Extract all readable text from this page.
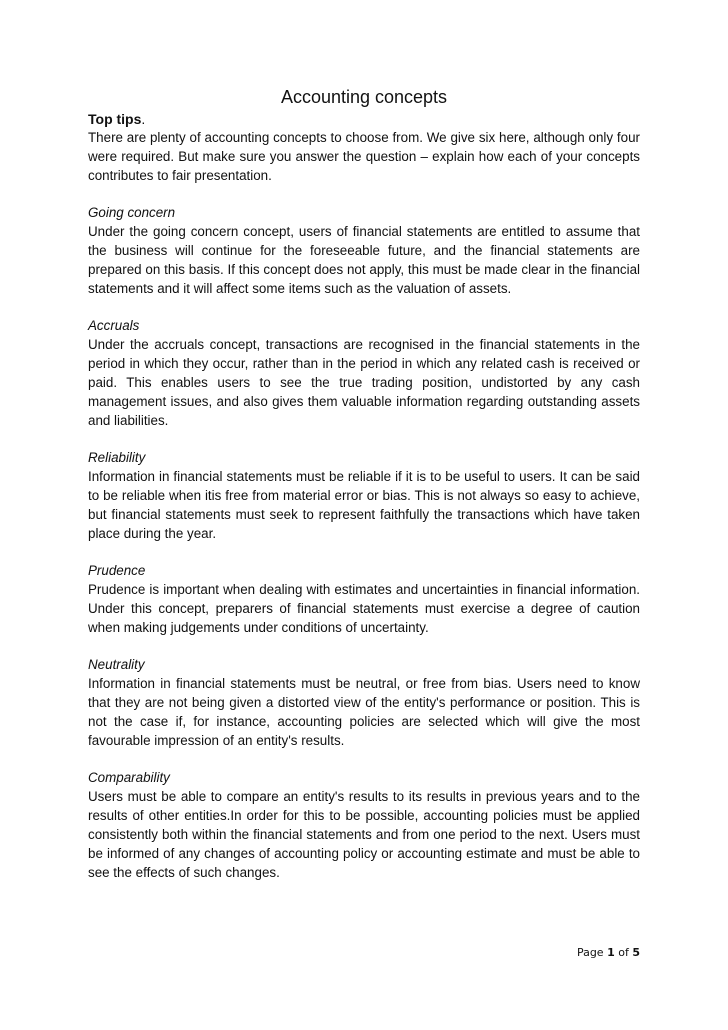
Accounting concepts

Top tips.

There are plenty of accounting concepts to choose from. We give six here, although only four were required. But make sure you answer the question – explain how each of your concepts contributes to fair presentation.

Going concern

Under the going concern concept, users of financial statements are entitled to assume that the business will continue for the foreseeable future, and the financial statements are prepared on this basis. If this concept does not apply, this must be made clear in the financial statements and it will affect some items such as the valuation of assets.

Accruals

Under the accruals concept, transactions are recognised in the financial statements in the period in which they occur, rather than in the period in which any related cash is received or paid. This enables users to see the true trading position, undistorted by any cash management issues, and also gives them valuable information regarding outstanding assets and liabilities.

Reliability

Information in financial statements must be reliable if it is to be useful to users. It can be said to be reliable when itis free from material error or bias. This is not always so easy to achieve, but financial statements must seek to represent faithfully the transactions which have taken place during the year.

Prudence

Prudence is important when dealing with estimates and uncertainties in financial information. Under this concept, preparers of financial statements must exercise a degree of caution when making judgements under conditions of uncertainty.

Neutrality

Information in financial statements must be neutral, or free from bias. Users need to know that they are not being given a distorted view of the entity's performance or position. This is not the case if, for instance, accounting policies are selected which will give the most favourable impression of an entity's results.

Comparability

Users must be able to compare an entity's results to its results in previous years and to the results of other entities.In order for this to be possible, accounting policies must be applied consistently both within the financial statements and from one period to the next. Users must be informed of any changes of accounting policy or accounting estimate and must be able to see the effects of such changes.

Page 1 of 5
